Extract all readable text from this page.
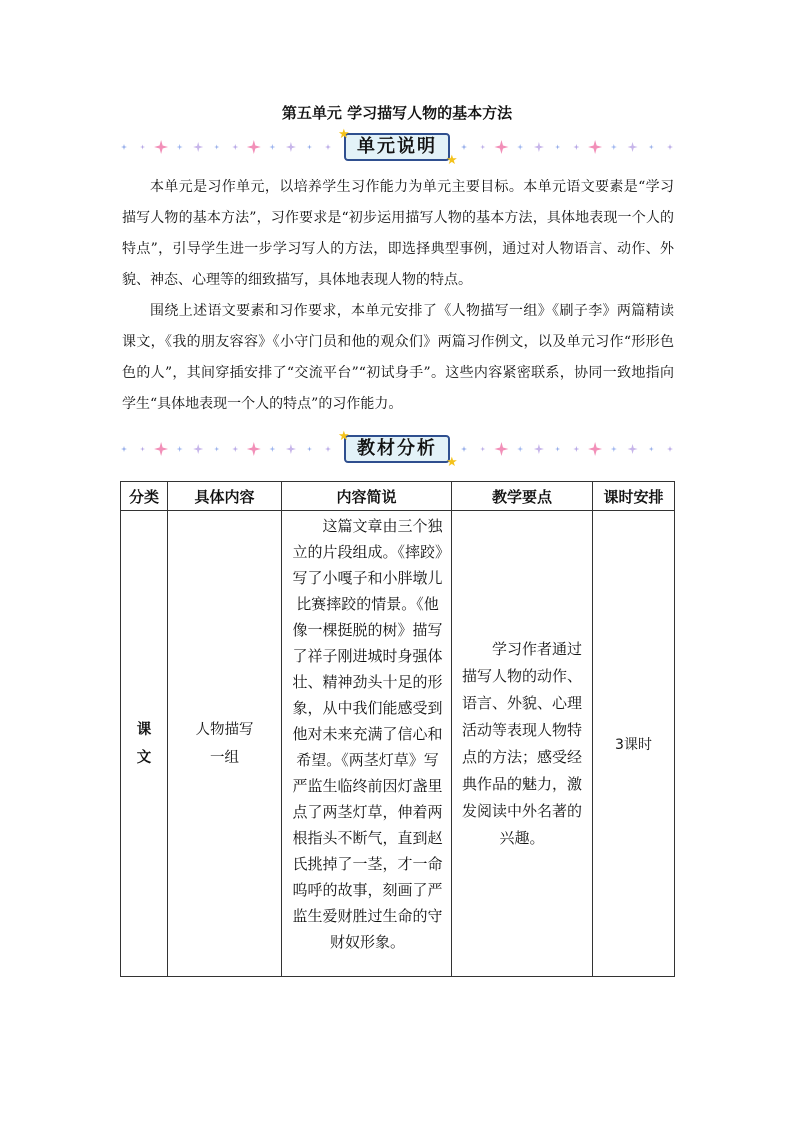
第五单元 学习描写人物的基本方法
单元说明
★
★

本单元是习作单元，以培养学生习作能力为单元主要目标。本单元语文要素是“学习描写人物的基本方法”，习作要求是“初步运用描写人物的基本方法，具体地表现一个人的特点”，引导学生进一步学习写人的方法，即选择典型事例，通过对人物语言、动作、外貌、神态、心理等的细致描写，具体地表现人物的特点。

围绕上述语文要素和习作要求，本单元安排了《人物描写一组》《刷子李》两篇精读课文，《我的朋友容容》《小守门员和他的观众们》两篇习作例文，以及单元习作“形形色色的人”，其间穿插安排了“交流平台”“初试身手”。这些内容紧密联系，协同一致地指向学生“具体地表现一个人的特点”的习作能力。

教材分析
★
★
分类	具体内容	内容简说	教学要点	课时安排

课文	人物描写一组	这篇文章由三个独立的片段组成。《摔跤》写了小嘎子和小胖墩儿比赛摔跤的情景。《他像一棵挺脱的树》描写了祥子刚进城时身强体壮、精神劲头十足的形象，从中我们能感受到他对未来充满了信心和希望。《两茎灯草》写严监生临终前因灯盏里点了两茎灯草，伸着两根指头不断气，直到赵氏挑掉了一茎，才一命呜呼的故事，刻画了严监生爱财胜过生命的守财奴形象。	学习作者通过描写人物的动作、语言、外貌、心理活动等表现人物特点的方法；感受经典作品的魅力，激发阅读中外名著的兴趣。	3课时
